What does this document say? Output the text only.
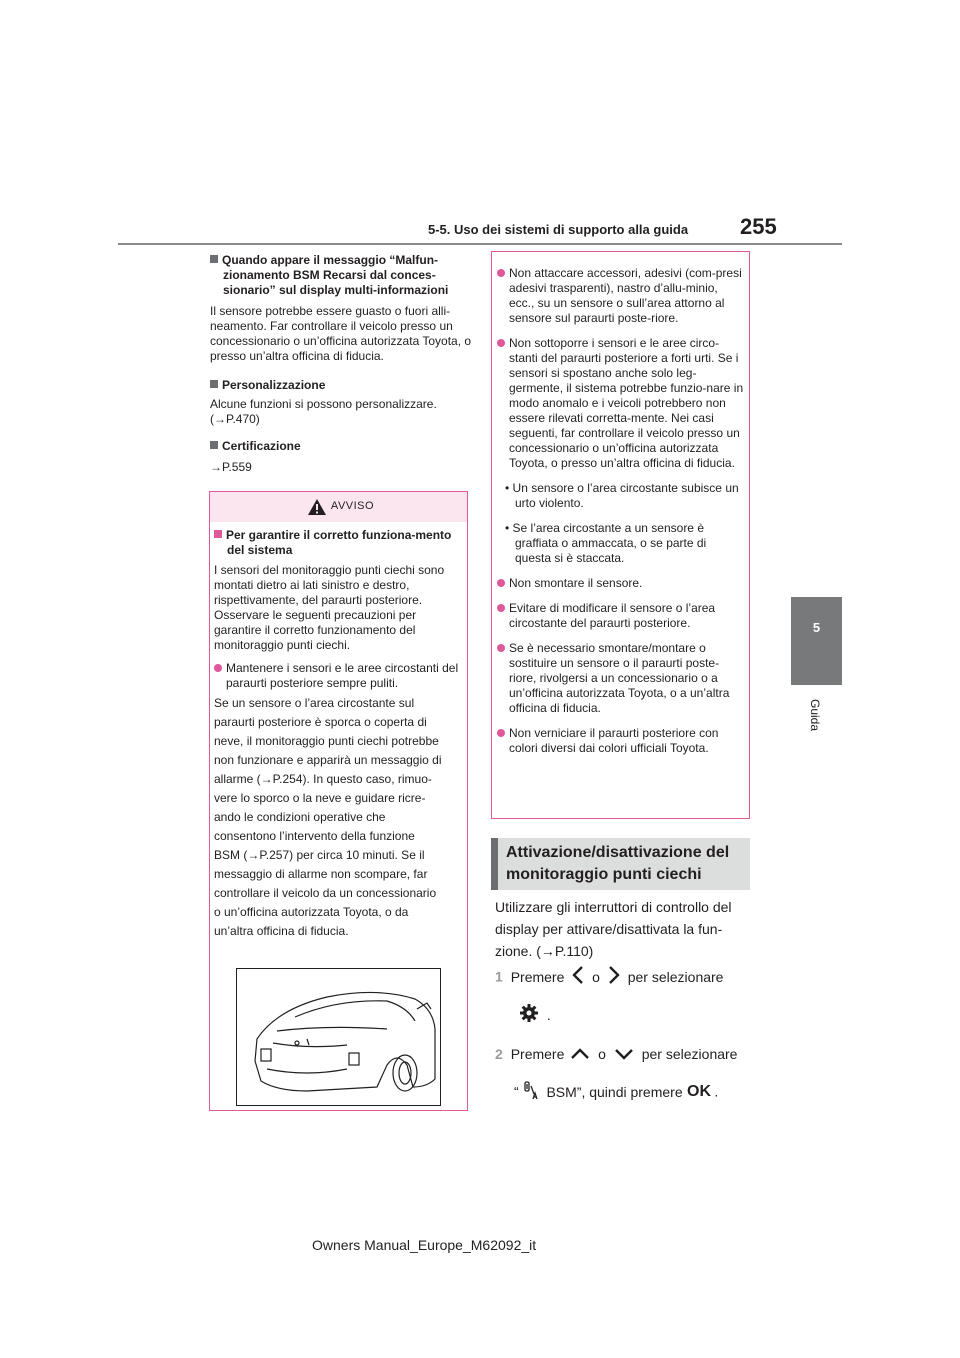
5-5. Uso dei sistemi di supporto alla guida 255
5
Guida
Quando appare il messaggio “Malfun-zionamento BSM Recarsi dal conces-sionario” sul display multi-informazioni
Il sensore potrebbe essere guasto o fuori alli-neamento. Far controllare il veicolo presso un concessionario o un’officina autorizzata Toyota, o presso un’altra officina di fiducia.
Personalizzazione
Alcune funzioni si possono personalizzare.
(→P.470)
Certificazione
→P.559
AVVISO
Per garantire il corretto funziona-mento del sistema
I sensori del monitoraggio punti ciechi sono montati dietro ai lati sinistro e destro, rispettivamente, del paraurti posteriore. Osservare le seguenti precauzioni per garantire il corretto funzionamento del monitoraggio punti ciechi.
Mantenere i sensori e le aree circostanti del paraurti posteriore sempre puliti.
Se un sensore o l’area circostante sul
paraurti posteriore è sporca o coperta di
neve, il monitoraggio punti ciechi potrebbe
non funzionare e apparirà un messaggio di
allarme (→P.254). In questo caso, rimuo-
vere lo sporco o la neve e guidare ricre-
ando le condizioni operative che
consentono l’intervento della funzione
BSM (→P.257) per circa 10 minuti. Se il
messaggio di allarme non scompare, far
controllare il veicolo da un concessionario
o un’officina autorizzata Toyota, o da
un’altra officina di fiducia.
Non attaccare accessori, adesivi (com-presi adesivi trasparenti), nastro d’allu-minio, ecc., su un sensore o sull’area attorno al sensore sul paraurti poste-riore.
Non sottoporre i sensori e le aree circo-stanti del paraurti posteriore a forti urti. Se i sensori si spostano anche solo leg-germente, il sistema potrebbe funzio-nare in modo anomalo e i veicoli potrebbero non essere rilevati corretta-mente. Nei casi seguenti, far controllare il veicolo presso un concessionario o un’officina autorizzata Toyota, o presso un’altra officina di fiducia.
• Un sensore o l’area circostante subisce un urto violento.
• Se l’area circostante a un sensore è graffiata o ammaccata, o se parte di questa si è staccata.
Non smontare il sensore.
Evitare di modificare il sensore o l’area circostante del paraurti posteriore.
Se è necessario smontare/montare o sostituire un sensore o il paraurti poste-riore, rivolgersi a un concessionario o a un’officina autorizzata Toyota, o a un’altra officina di fiducia.
Non verniciare il paraurti posteriore con colori diversi dai colori ufficiali Toyota.
Attivazione/disattivazione del
monitoraggio punti ciechi
Utilizzare gli interruttori di controllo del
display per attivare/disattivata la fun-
zione. (→P.110)
1 Premere o per selezionare
.
2 Premere o	per selezionare
“ BSM”, quindi premere OK .
Owners Manual_Europe_M62092_it
